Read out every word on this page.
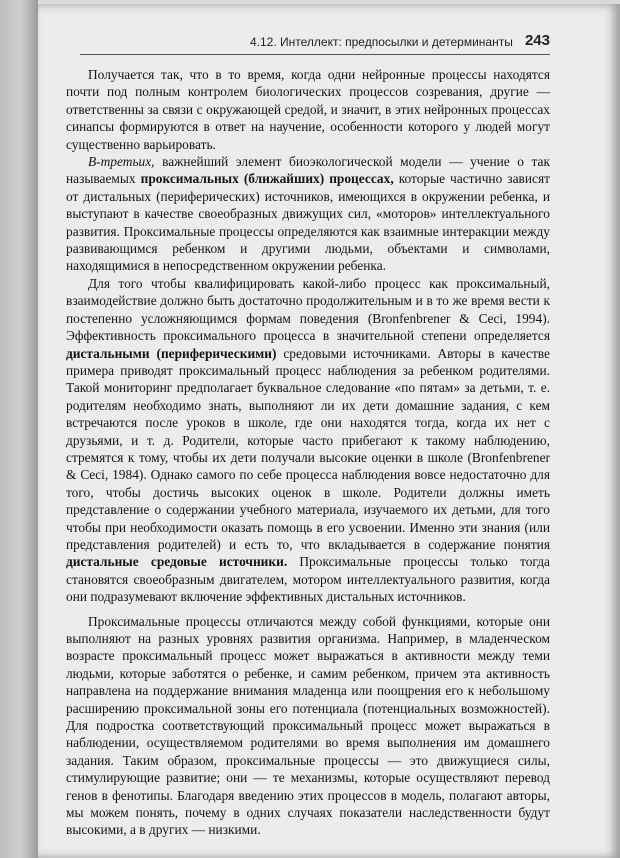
4.12. Интеллект: предпосылки и детерминанты 243

Получается так, что в то время, когда одни нейронные процессы находятся почти под полным контролем биологических процессов созревания, другие — ответственны за связи с окружающей средой, и значит, в этих нейронных процессах синапсы формируются в ответ на научение, особенности которого у людей могут существенно варьировать.

В-третьих, важнейший элемент биоэкологической модели — учение о так называемых проксимальных (ближайших) процессах, которые частично зависят от дистальных (периферических) источников, имеющихся в окружении ребенка, и выступают в качестве своеобразных движущих сил, «моторов» интеллектуального развития. Проксимальные процессы определяются как взаимные интеракции между развивающимся ребенком и другими людьми, объектами и символами, находящимися в непосредственном окружении ребенка.

Для того чтобы квалифицировать какой-либо процесс как проксимальный, взаимодействие должно быть достаточно продолжительным и в то же время вести к постепенно усложняющимся формам поведения (Bronfenbrener & Ceci, 1994). Эффективность проксимального процесса в значительной степени определяется дистальными (периферическими) средовыми источниками. Авторы в качестве примера приводят проксимальный процесс наблюдения за ребенком родителями. Такой мониторинг предполагает буквальное следование «по пятам» за детьми, т. е. родителям необходимо знать, выполняют ли их дети домашние задания, с кем встречаются после уроков в школе, где они находятся тогда, когда их нет с друзьями, и т. д. Родители, которые часто прибегают к такому наблюдению, стремятся к тому, чтобы их дети получали высокие оценки в школе (Bronfenbrener & Ceci, 1984). Однако самого по себе процесса наблюдения вовсе недостаточно для того, чтобы достичь высоких оценок в школе. Родители должны иметь представление о содержании учебного материала, изучаемого их детьми, для того чтобы при необходимости оказать помощь в его усвоении. Именно эти знания (или представления родителей) и есть то, что вкладывается в содержание понятия дистальные средовые источники. Проксимальные процессы только тогда становятся своеобразным двигателем, мотором интеллектуального развития, когда они подразумевают включение эффективных дистальных источников.

Проксимальные процессы отличаются между собой функциями, которые они выполняют на разных уровнях развития организма. Например, в младенческом возрасте проксимальный процесс может выражаться в активности между теми людьми, которые заботятся о ребенке, и самим ребенком, причем эта активность направлена на поддержание внимания младенца или поощрения его к небольшому расширению проксимальной зоны его потенциала (потенциальных возможностей). Для подростка соответствующий проксимальный процесс может выражаться в наблюдении, осуществляемом родителями во время выполнения им домашнего задания. Таким образом, проксимальные процессы — это движущиеся силы, стимулирующие развитие; они — те механизмы, которые осуществляют перевод генов в фенотипы. Благодаря введению этих процессов в модель, полагают авторы, мы можем понять, почему в одних случаях показатели наследственности будут высокими, а в других — низкими.
